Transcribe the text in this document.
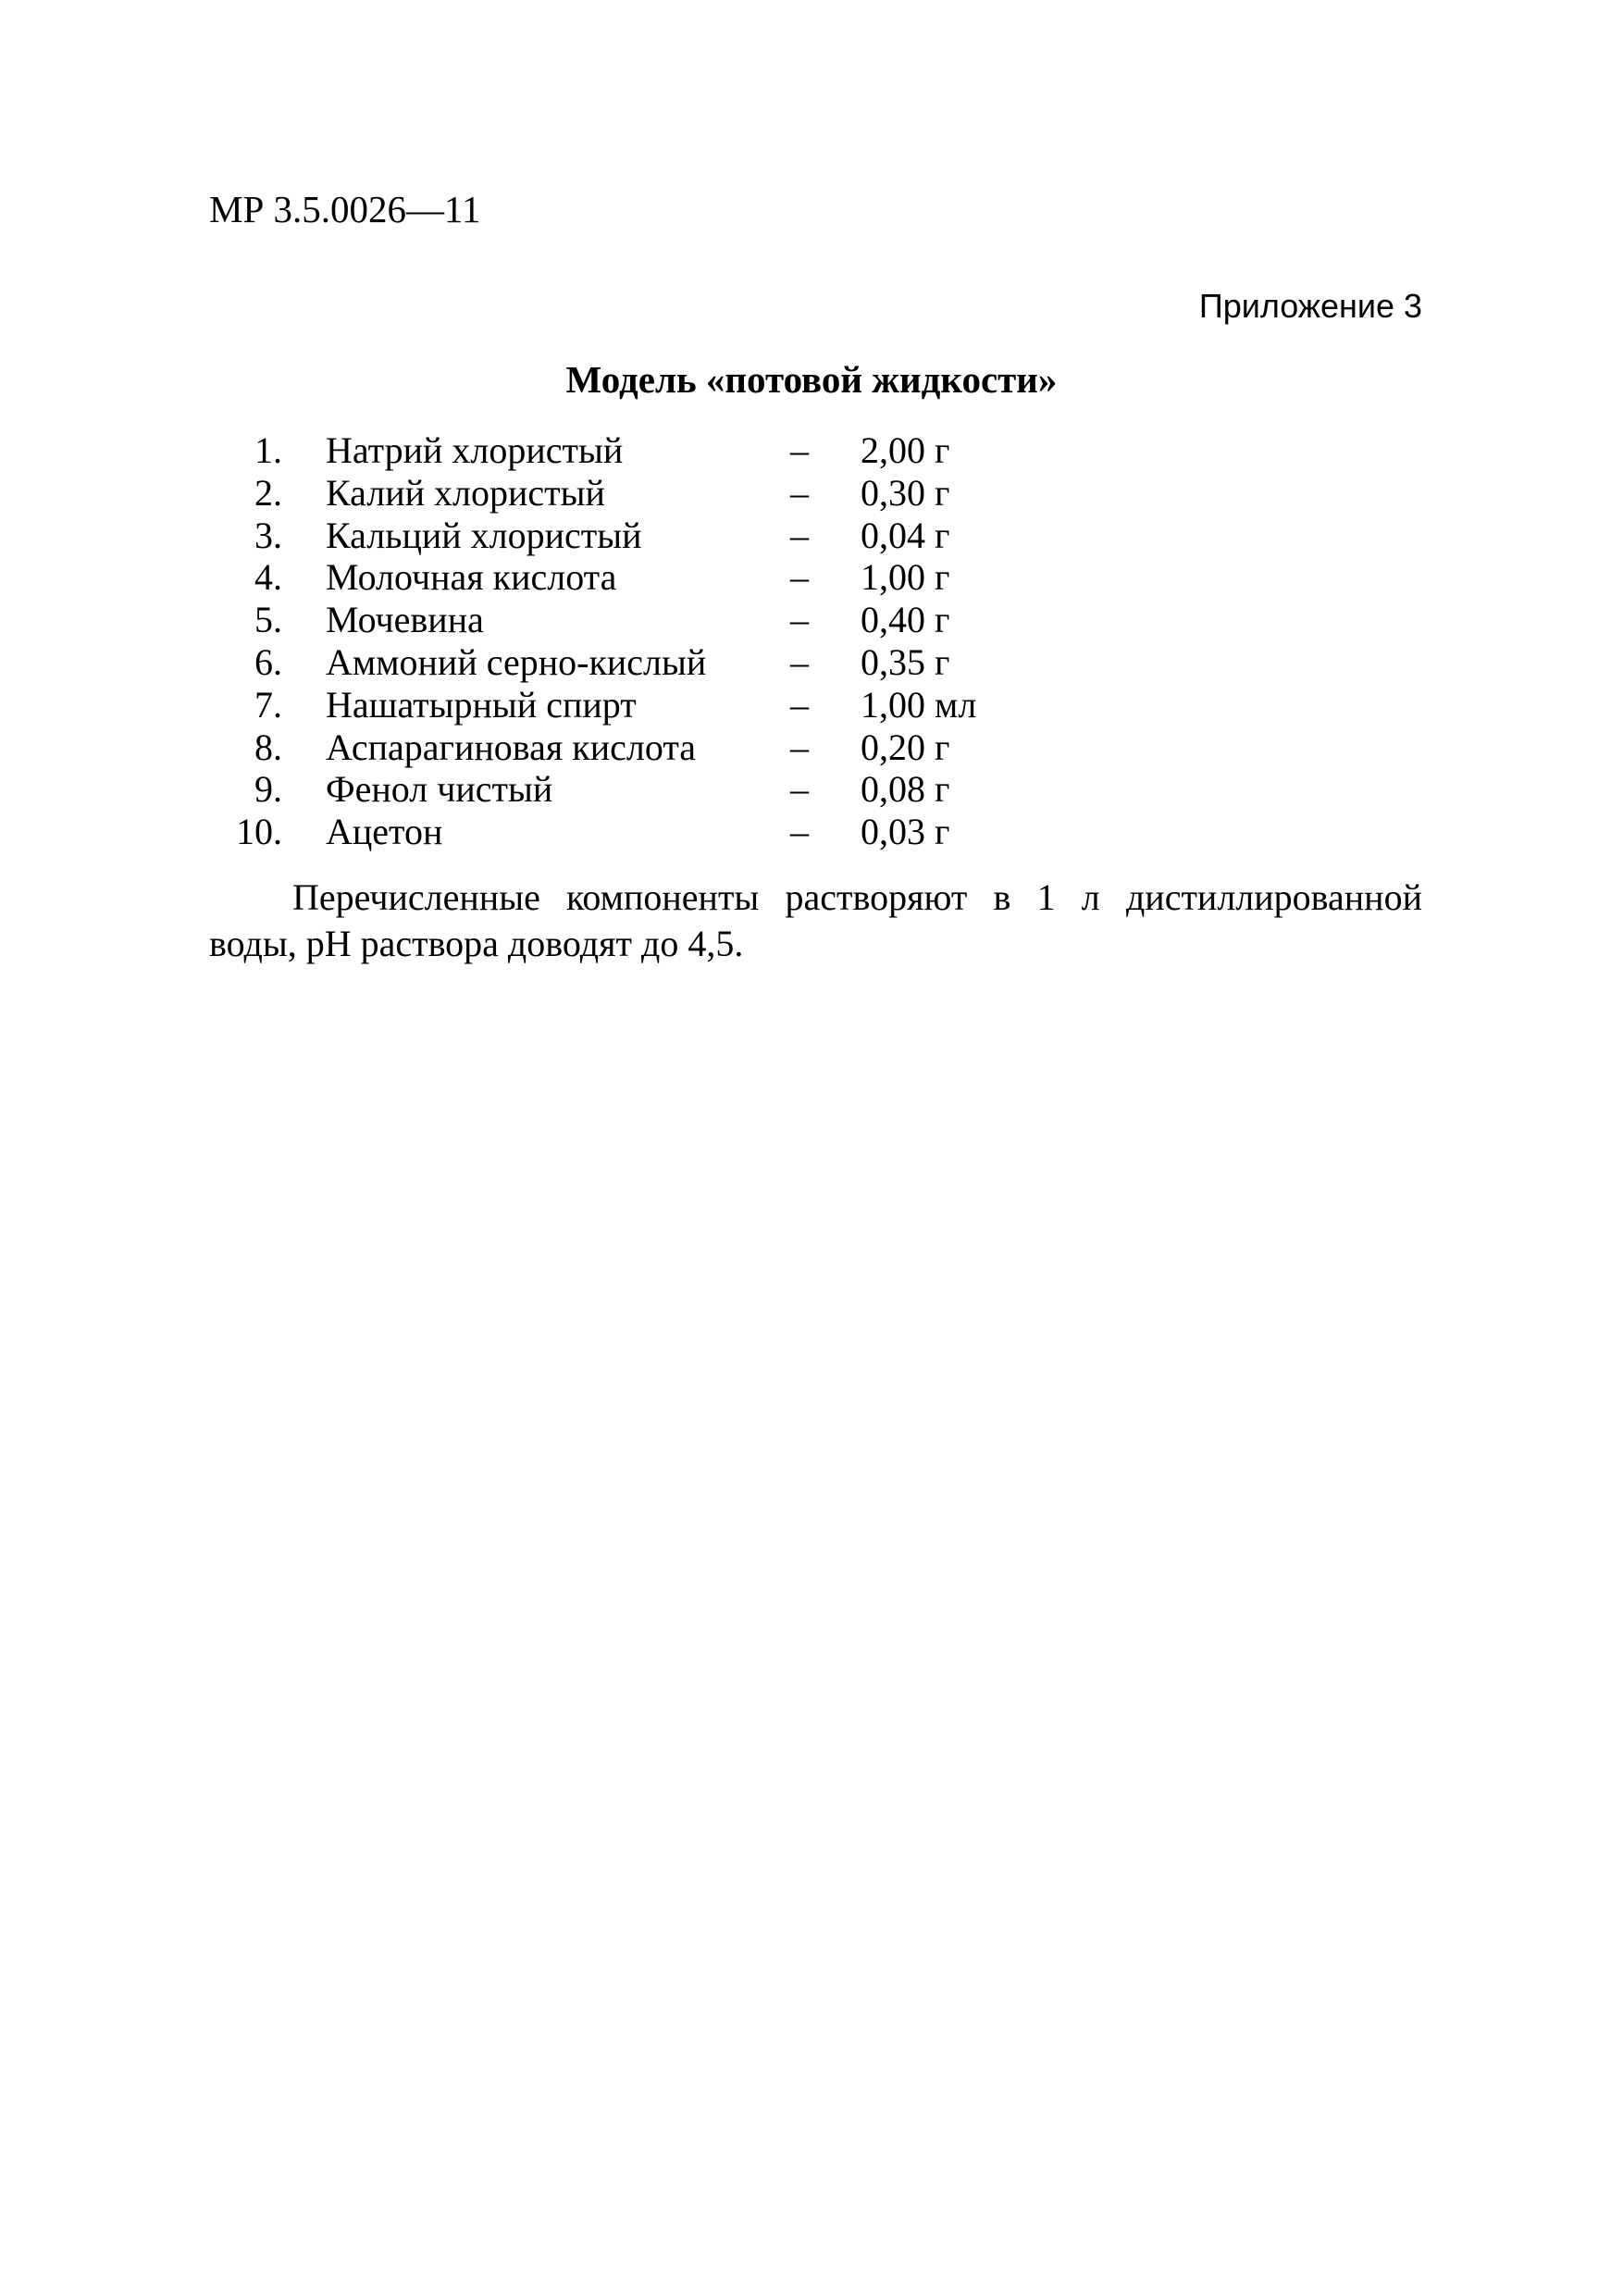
МР 3.5.0026—11
Приложение 3
Модель «потовой жидкости»
1. Натрий хлористый	– 2,00 г
2. Калий хлористый	– 0,30 г
3. Кальций хлористый	– 0,04 г
4. Молочная кислота	– 1,00 г
5. Мочевина	– 0,40 г
6. Аммоний серно-кислый – 0,35 г
7. Нашатырный спирт	– 1,00 мл
8. Аспарагиновая кислота	– 0,20 г
9. Фенол чистый	– 0,08 г
10. Ацетон	– 0,03 г

Перечисленные компоненты растворяют в 1 л дистиллированной
воды, pH раствора доводят до 4,5.
